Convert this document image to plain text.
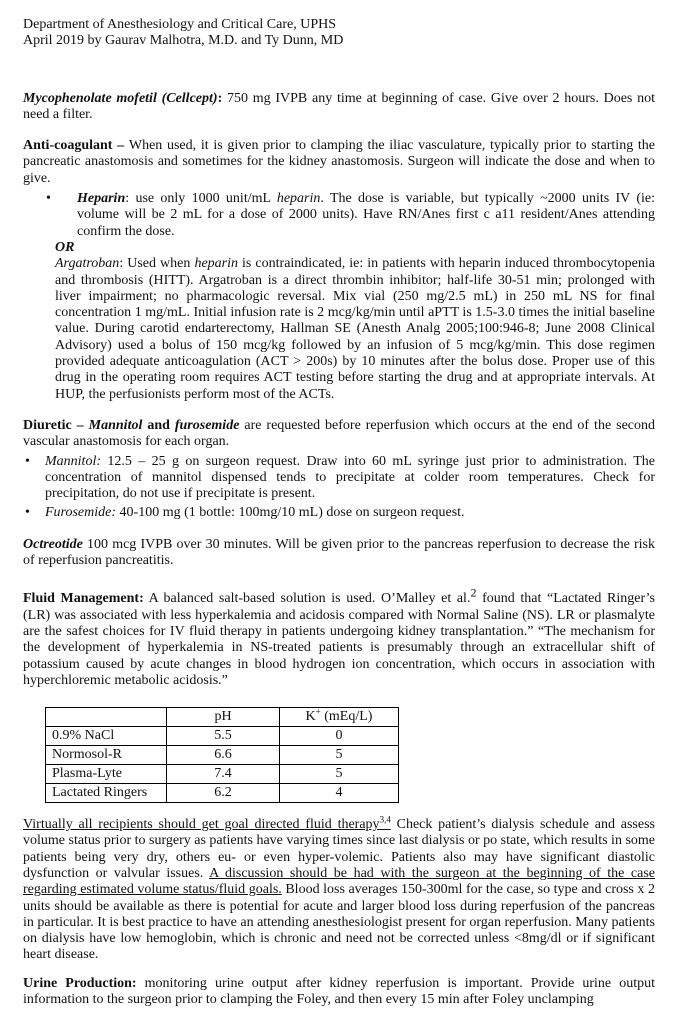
Department of Anesthesiology and Critical Care, UPHS

April 2019 by Gaurav Malhotra, M.D. and Ty Dunn, MD

Mycophenolate mofetil (Cellcept): 750 mg IVPB any time at beginning of case. Give over 2 hours. Does not need a filter.

Anti-coagulant – When used, it is given prior to clamping the iliac vasculature, typically prior to starting the pancreatic anastomosis and sometimes for the kidney anastomosis. Surgeon will indicate the dose and when to give.

• Heparin: use only 1000 unit/mL heparin. The dose is variable, but typically ~2000 units IV (ie: volume will be 2 mL for a dose of 2000 units). Have RN/Anes first c a11 resident/Anes attending confirm the dose.

OR

Argatroban: Used when heparin is contraindicated, ie: in patients with heparin induced thrombocytopenia and thrombosis (HITT). Argatroban is a direct thrombin inhibitor; half-life 30-51 min; prolonged with liver impairment; no pharmacologic reversal. Mix vial (250 mg/2.5 mL) in 250 mL NS for final concentration 1 mg/mL. Initial infusion rate is 2 mcg/kg/min until aPTT is 1.5-3.0 times the initial baseline value. During carotid endarterectomy, Hallman SE (Anesth Analg 2005;100:946-8; June 2008 Clinical Advisory) used a bolus of 150 mcg/kg followed by an infusion of 5 mcg/kg/min. This dose regimen provided adequate anticoagulation (ACT > 200s) by 10 minutes after the bolus dose. Proper use of this drug in the operating room requires ACT testing before starting the drug and at appropriate intervals. At HUP, the perfusionists perform most of the ACTs.

Diuretic – Mannitol and furosemide are requested before reperfusion which occurs at the end of the second vascular anastomosis for each organ.

• Mannitol: 12.5 – 25 g on surgeon request. Draw into 60 mL syringe just prior to administration. The concentration of mannitol dispensed tends to precipitate at colder room temperatures. Check for precipitation, do not use if precipitate is present.

• Furosemide: 40-100 mg (1 bottle: 100mg/10 mL) dose on surgeon request.

Octreotide 100 mcg IVPB over 30 minutes. Will be given prior to the pancreas reperfusion to decrease the risk of reperfusion pancreatitis.

Fluid Management: A balanced salt-based solution is used. O’Malley et al.$^2$ found that “Lactated Ringer’s (LR) was associated with less hyperkalemia and acidosis compared with Normal Saline (NS). LR or plasmalyte are the safest choices for IV fluid therapy in patients undergoing kidney transplantation.” “The mechanism for the development of hyperkalemia in NS-treated patients is presumably through an extracellular shift of potassium caused by acute changes in blood hydrogen ion concentration, which occurs in association with hyperchloremic metabolic acidosis.”

	pH	K+ (mEq/L)
0.9% NaCl	5.5	0
Normosol-R	6.6	5
Plasma-Lyte	7.4	5
Lactated Ringers	6.2	4

Virtually all recipients should get goal directed fluid therapy$^{3,4}$ Check patient’s dialysis schedule and assess volume status prior to surgery as patients have varying times since last dialysis or po state, which results in some patients being very dry, others eu- or even hyper-volemic. Patients also may have significant diastolic dysfunction or valvular issues. A discussion should be had with the surgeon at the beginning of the case regarding estimated volume status/fluid goals. Blood loss averages 150-300ml for the case, so type and cross x 2 units should be available as there is potential for acute and larger blood loss during reperfusion of the pancreas in particular. It is best practice to have an attending anesthesiologist present for organ reperfusion. Many patients on dialysis have low hemoglobin, which is chronic and need not be corrected unless <8mg/dl or if significant heart disease.

Urine Production: monitoring urine output after kidney reperfusion is important. Provide urine output information to the surgeon prior to clamping the Foley, and then every 15 min after Foley unclamping
